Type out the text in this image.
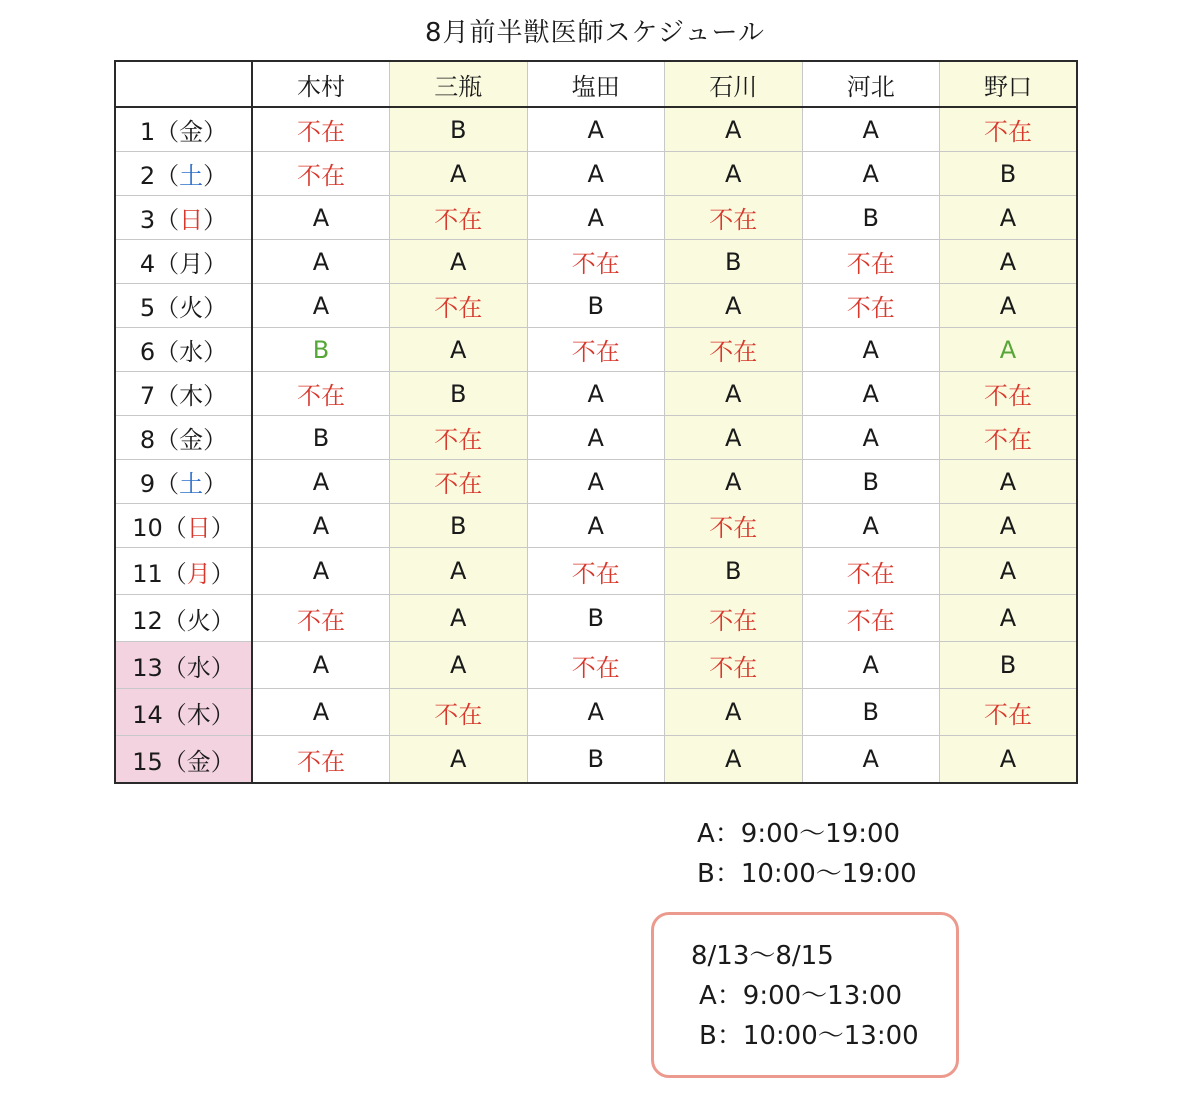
8月前半獣医師スケジュール
	木村	三瓶	塩田	石川	河北	野口
1（金）	不在	B	A	A	A	不在
2（土）	不在	A	A	A	A	B
3（日）	A	不在	A	不在	B	A
4（月）	A	A	不在	B	不在	A
5（火）	A	不在	B	A	不在	A
6（水）	B	A	不在	不在	A	A
7（木）	不在	B	A	A	A	不在
8（金）	B	不在	A	A	A	不在
9（土）	A	不在	A	A	B	A
10（日）	A	B	A	不在	A	A
11（月）	A	A	不在	B	不在	A
12（火）	不在	A	B	不在	不在	A
13（水）	A	A	不在	不在	A	B
14（木）	A	不在	A	A	B	不在
15（金）	不在	A	B	A	A	A
A：9:00〜19:00
B：10:00〜19:00
8/13〜8/15
A：9:00〜13:00
B：10:00〜13:00
